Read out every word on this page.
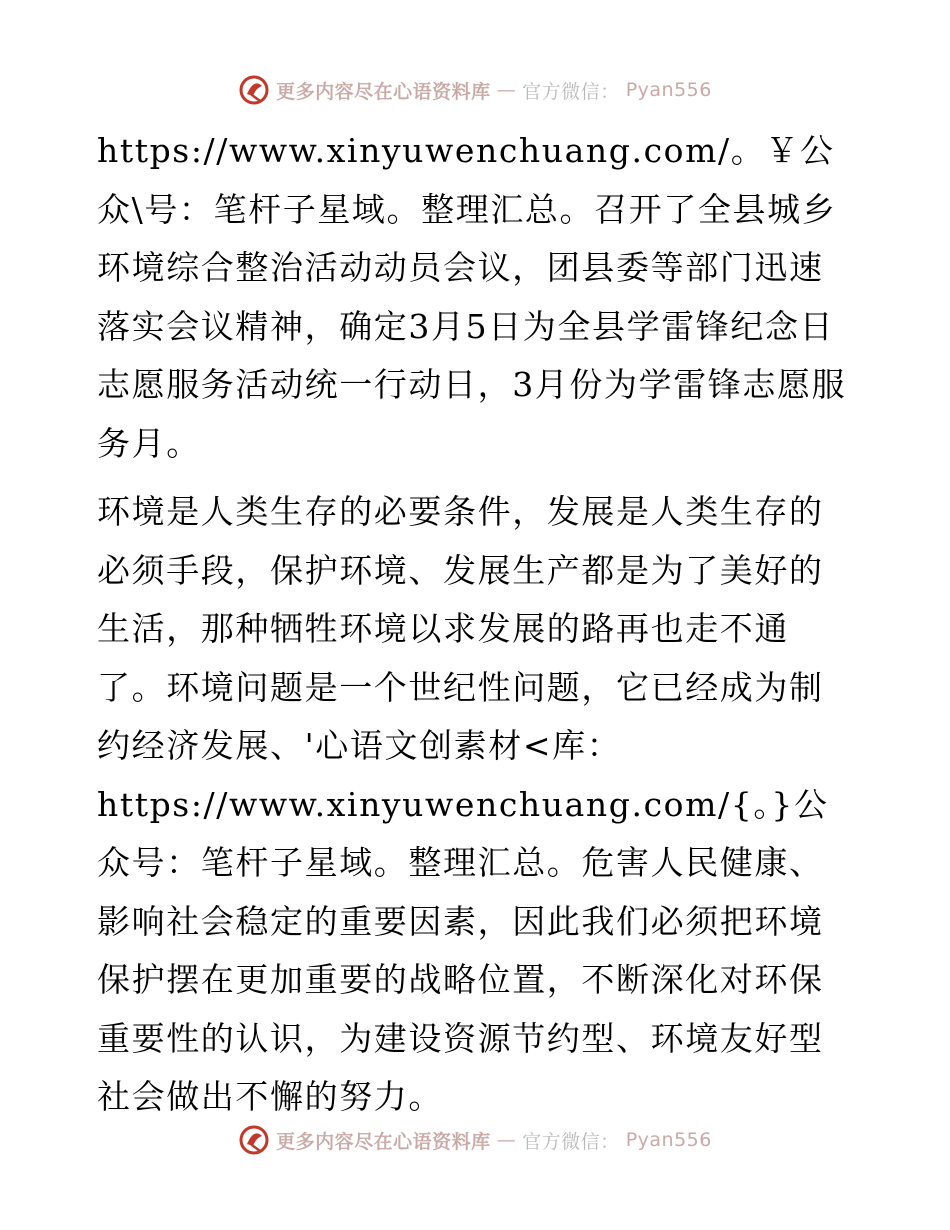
更多内容尽在心语资料库 — 官方微信： Pyan556

https://www.xinyuwenchuang.com/。￥公众\号：笔杆子星域。整理汇总。召开了全县城乡环境综合整治活动动员会议，团县委等部门迅速落实会议精神，确定3月5日为全县学雷锋纪念日志愿服务活动统一行动日，3月份为学雷锋志愿服务月。

环境是人类生存的必要条件，发展是人类生存的必须手段，保护环境、发展生产都是为了美好的生活，那种牺牲环境以求发展的路再也走不通了。环境问题是一个世纪性问题，它已经成为制约经济发展、'心语文创素材<库：https://www.xinyuwenchuang.com/{。}公众号：笔杆子星域。整理汇总。危害人民健康、影响社会稳定的重要因素，因此我们必须把环境保护摆在更加重要的战略位置，不断深化对环保重要性的认识，为建设资源节约型、环境友好型社会做出不懈的努力。

更多内容尽在心语资料库 — 官方微信： Pyan556
